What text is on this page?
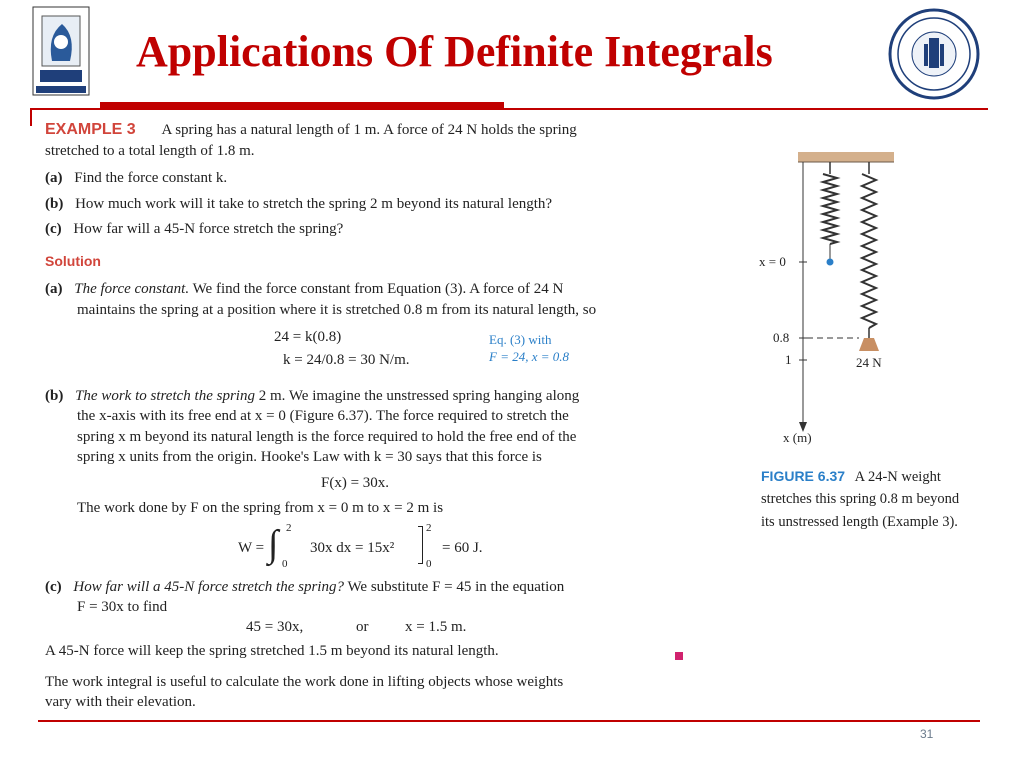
Applications Of Definite Integrals
EXAMPLE 3 A spring has a natural length of 1 m. A force of 24 N holds the spring
stretched to a total length of 1.8 m.
(a) Find the force constant k.
(b) How much work will it take to stretch the spring 2 m beyond its natural length?
(c) How far will a 45-N force stretch the spring?
Solution
(a) The force constant. We find the force constant from Equation (3). A force of 24 N
maintains the spring at a position where it is stretched 0.8 m from its natural length, so
24 = k(0.8)
k = 24/0.8 = 30 N/m.
Eq. (3) with
F = 24, x = 0.8
(b) The work to stretch the spring 2 m. We imagine the unstressed spring hanging along
the x-axis with its free end at x = 0 (Figure 6.37). The force required to stretch the
spring x m beyond its natural length is the force required to hold the free end of the
spring x units from the origin. Hooke's Law with k = 30 says that this force is
F(x) = 30x.
The work done by F on the spring from x = 0 m to x = 2 m is
W = ∫ 2
0
30x dx = 15x²
2
0
= 60 J.
(c) How far will a 45-N force stretch the spring? We substitute F = 45 in the equation
F = 30x to find
45 = 30x,	or x = 1.5 m.
A 45-N force will keep the spring stretched 1.5 m beyond its natural length.
The work integral is useful to calculate the work done in lifting objects whose weights
vary with their elevation.
x = 0
0.8
1	24 N
x (m)
FIGURE 6.37 A 24-N weight
stretches this spring 0.8 m beyond
its unstressed length (Example 3).
31
